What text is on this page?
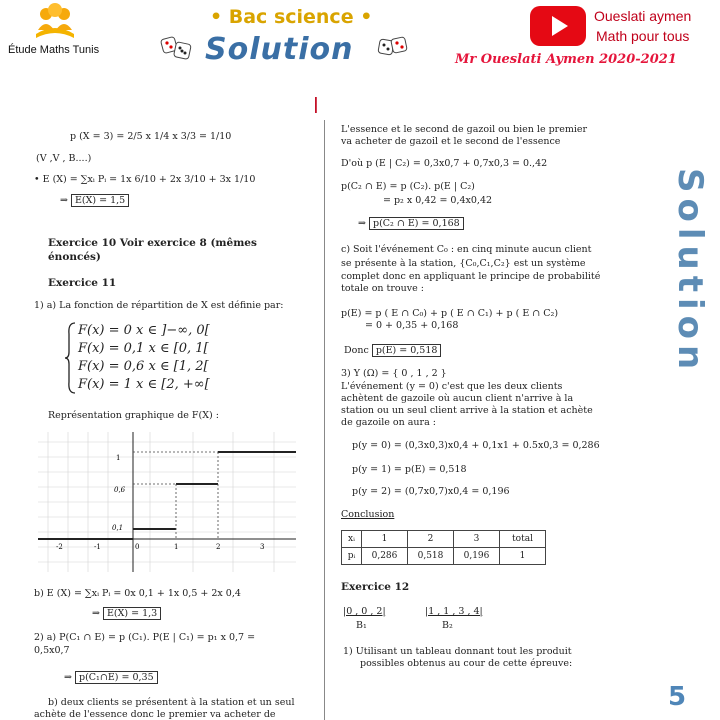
Étude Maths Tunis
• Bac science •
Solution
Oueslati aymen
Math pour tous
Mr Oueslati Aymen 2020-2021
Solution
5
p (X = 3) = 2/5 x 1/4 x 3/3 = 1/10
(V ,V , B....)
• E (X) = ∑xᵢ Pᵢ = 1x 6/10 + 2x 3/10 + 3x 1/10
⇒ E(X) = 1,5
Exercice 10 Voir exercice 8 (mêmes
énoncés)
Exercice 11
1) a) La fonction de répartition de X est définie par:
F(x) = 0 x ∈ ]−∞, 0[
F(x) = 0,1 x ∈ [0, 1[
F(x) = 0,6 x ∈ [1, 2[
F(x) = 1 x ∈ [2, +∞[
Représentation graphique de F(X) :
1
0,6
0,1
-2	-1	0	1	2	3
b) E (X) = ∑xᵢ Pᵢ = 0x 0,1 + 1x 0,5 + 2x 0,4
⇒ E(X) = 1,3
2) a) P(C₁ ∩ E) = p (C₁). P(E | C₁) = p₁ x 0,7 =
0,5x0,7
⇒ p(C₁∩E) = 0,35
b) deux clients se présentent à la station et un seul
achète de l'essence donc le premier va acheter de
|
L'essence et le second de gazoil ou bien le premier
va acheter de gazoil et le second de l'essence
D'où p (E | C₂) = 0,3x0,7 + 0,7x0,3 = 0.,42
p(C₂ ∩ E) = p (C₂). p(E | C₂)
= p₂ x 0,42 = 0,4x0,42
⇒ p(C₂ ∩ E) = 0,168
c) Soit l'événement C₀ : en cinq minute aucun client
se présente à la station, {C₀,C₁,C₂} est un système
complet donc en appliquant le principe de probabilité
totale on trouve :
p(E) = p ( E ∩ C₀) + p ( E ∩ C₁) + p ( E ∩ C₂)
= 0 + 0,35 + 0,168
Donc p(E) = 0,518
3) Y (Ω) = { 0 , 1 , 2 }
L'événement (y = 0) c'est que les deux clients
achètent de gazoile où aucun client n'arrive à la
station ou un seul client arrive à la station et achète
de gazoile on aura :
p(y = 0) = (0,3x0,3)x0,4 + 0,1x1 + 0.5x0,3 = 0,286
p(y = 1) = p(E) = 0,518
p(y = 2) = (0,7x0,7)x0,4 = 0,196
Conclusion
xᵢ	1	2	3	total
pᵢ	0,286	0,518	0,196	1
Exercice 12
|0 , 0 , 2|
B₁
|1 , 1 , 3 , 4|
B₂
1) Utilisant un tableau donnant tout les produit
possibles obtenus au cour de cette épreuve:
